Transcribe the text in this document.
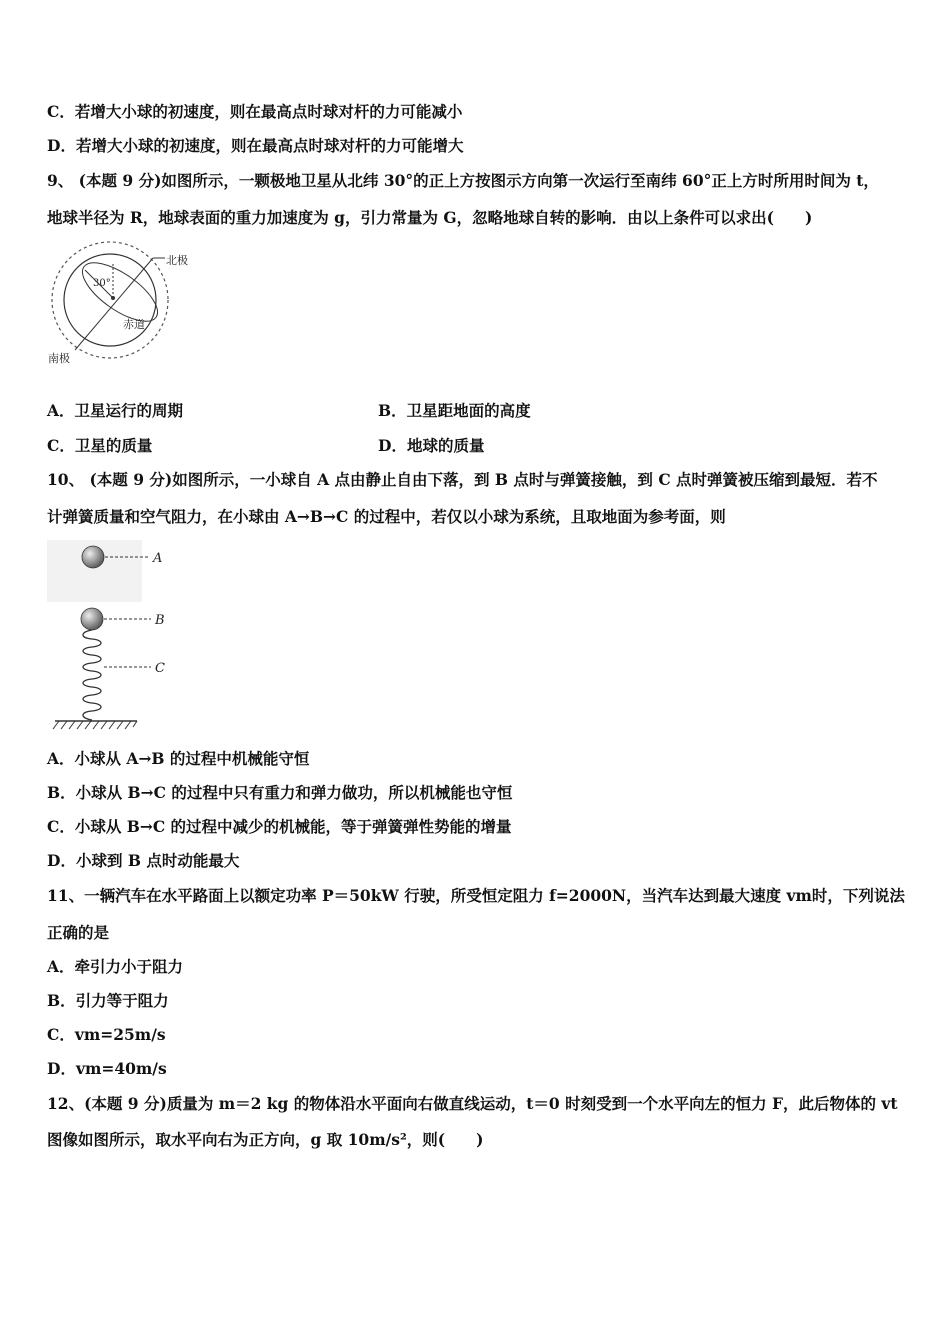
C．若增大小球的初速度，则在最高点时球对杆的力可能减小
D．若增大小球的初速度，则在最高点时球对杆的力可能增大
9、 (本题 9 分)如图所示，一颗极地卫星从北纬 30°的正上方按图示方向第一次运行至南纬 60°正上方时所用时间为 t，
地球半径为 R，地球表面的重力加速度为 g，引力常量为 G，忽略地球自转的影响．由以上条件可以求出(　　)
北极
南极
赤道
30°
A．卫星运行的周期	B．卫星距地面的高度
C．卫星的质量	D．地球的质量
10、 (本题 9 分)如图所示，一小球自 A 点由静止自由下落，到 B 点时与弹簧接触，到 C 点时弹簧被压缩到最短．若不
计弹簧质量和空气阻力，在小球由 A→B→C 的过程中，若仅以小球为系统，且取地面为参考面，则
A
B
C
A．小球从 A→B 的过程中机械能守恒
B．小球从 B→C 的过程中只有重力和弹力做功，所以机械能也守恒
C．小球从 B→C 的过程中减少的机械能，等于弹簧弹性势能的增量
D．小球到 B 点时动能最大
11、一辆汽车在水平路面上以额定功率 P＝50kW 行驶，所受恒定阻力 f=2000N，当汽车达到最大速度 vm时，下列说法
正确的是
A．牵引力小于阻力
B．引力等于阻力
C．vm=25m/s
D．vm=40m/s
12、(本题 9 分)质量为 m＝2 kg 的物体沿水平面向右做直线运动，t＝0 时刻受到一个水平向左的恒力 F，此后物体的 vt
图像如图所示，取水平向右为正方向，g 取 10m/s²，则(　　)
